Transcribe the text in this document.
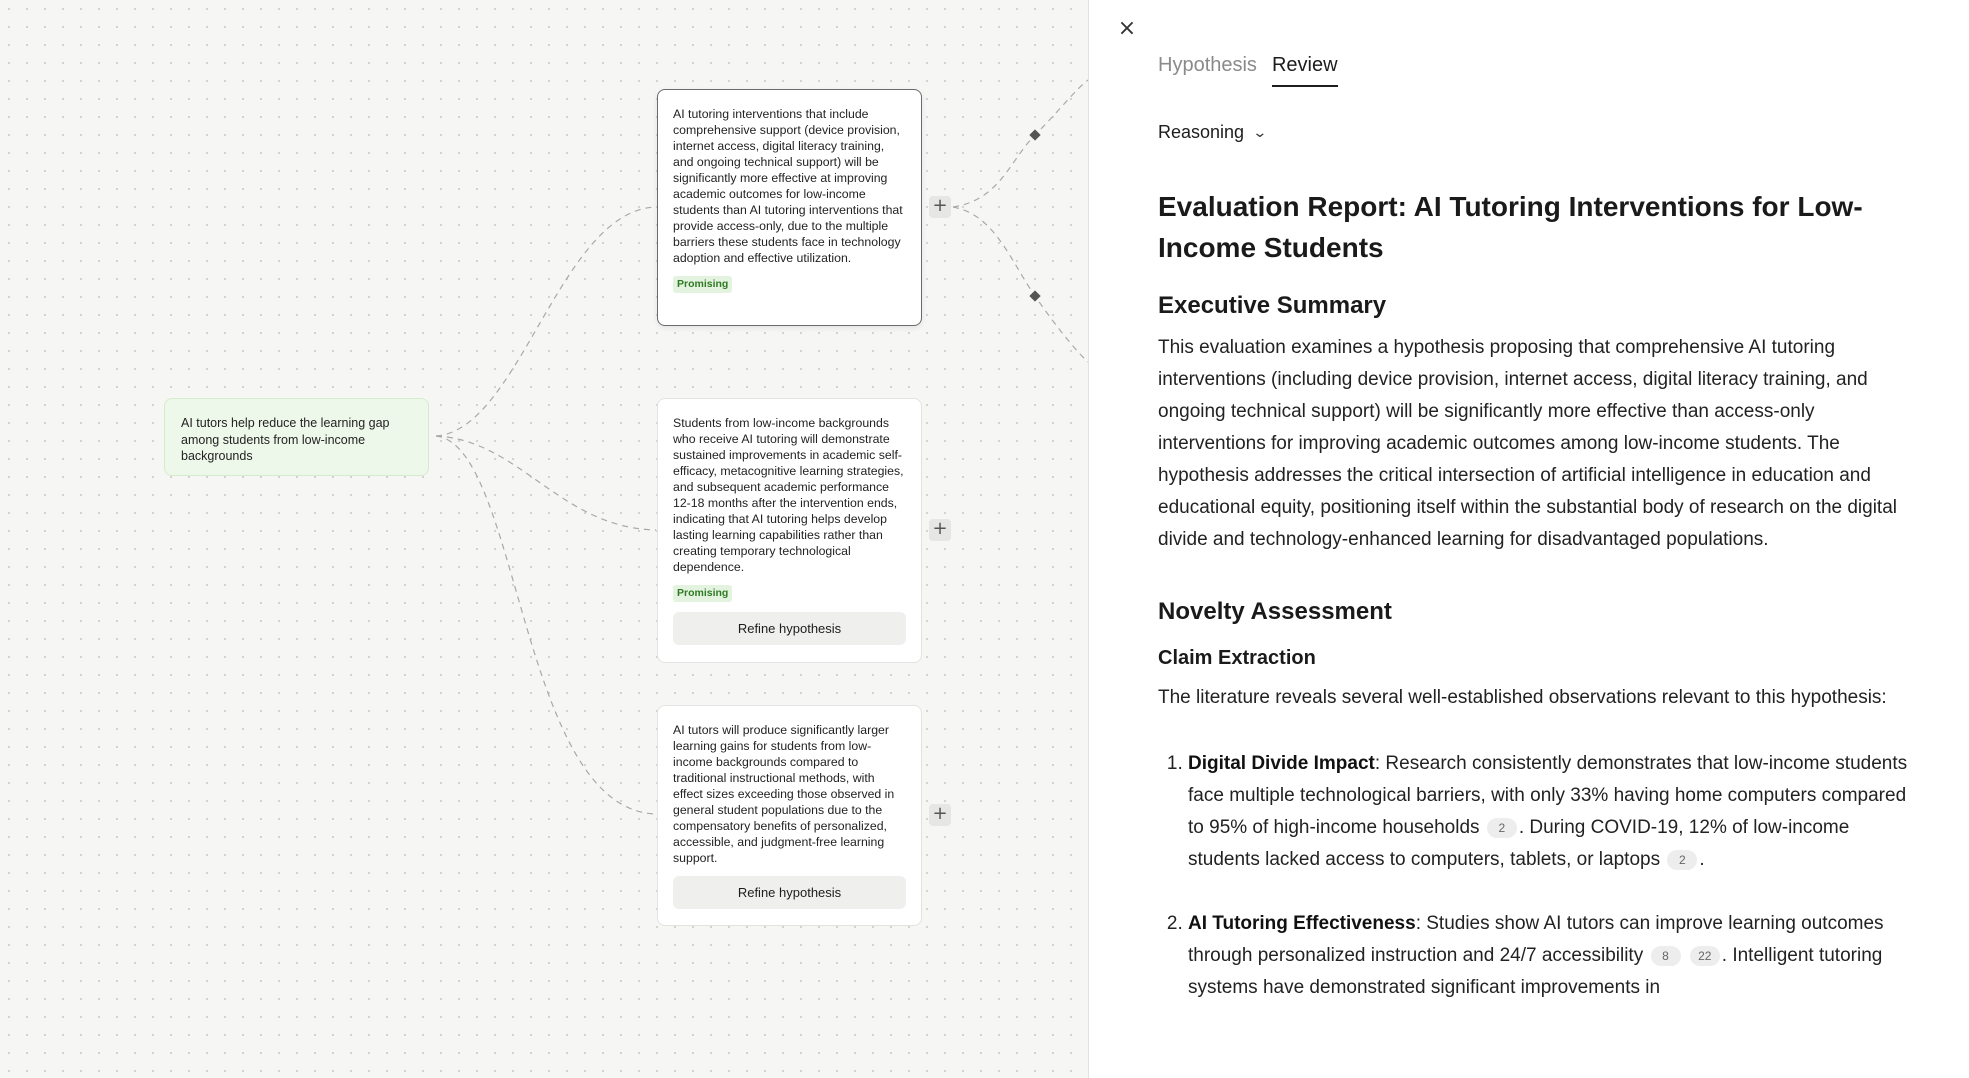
AI tutors help reduce the learning gap among students from low-income backgrounds
AI tutoring interventions that include comprehensive support (device provision, internet access, digital literacy training, and ongoing technical support) will be significantly more effective at improving academic outcomes for low-income students than AI tutoring interventions that provide access-only, due to the multiple barriers these students face in technology adoption and effective utilization.
Promising
+
Students from low-income backgrounds who receive AI tutoring will demonstrate sustained improvements in academic self-efficacy, metacognitive learning strategies, and subsequent academic performance 12-18 months after the intervention ends, indicating that AI tutoring helps develop lasting learning capabilities rather than creating temporary technological dependence.
Promising
Refine hypothesis
+
AI tutors will produce significantly larger learning gains for students from low-income backgrounds compared to traditional instructional methods, with effect sizes exceeding those observed in general student populations due to the compensatory benefits of personalized, accessible, and judgment-free learning support.
Refine hypothesis
+
×
Hypothesis Review
Reasoning ⌄
Evaluation Report: AI Tutoring Interventions for Low-Income Students
Executive Summary

This evaluation examines a hypothesis proposing that comprehensive AI tutoring interventions (including device provision, internet access, digital literacy training, and ongoing technical support) will be significantly more effective than access-only interventions for improving academic outcomes among low-income students. The hypothesis addresses the critical intersection of artificial intelligence in education and educational equity, positioning itself within the substantial body of research on the digital divide and technology-enhanced learning for disadvantaged populations.

Novelty Assessment
Claim Extraction

The literature reveals several well-established observations relevant to this hypothesis:

1. Digital Divide Impact: Research consistently demonstrates that low-income students face multiple technological barriers, with only 33% having home computers compared to 95% of high-income households 2 . During COVID-19, 12% of low-income students lacked access to computers, tablets, or laptops 2 .
2. AI Tutoring Effectiveness: Studies show AI tutors can improve learning outcomes through personalized instruction and 24/7 accessibility 8 22 . Intelligent tutoring systems have demonstrated significant improvements in
